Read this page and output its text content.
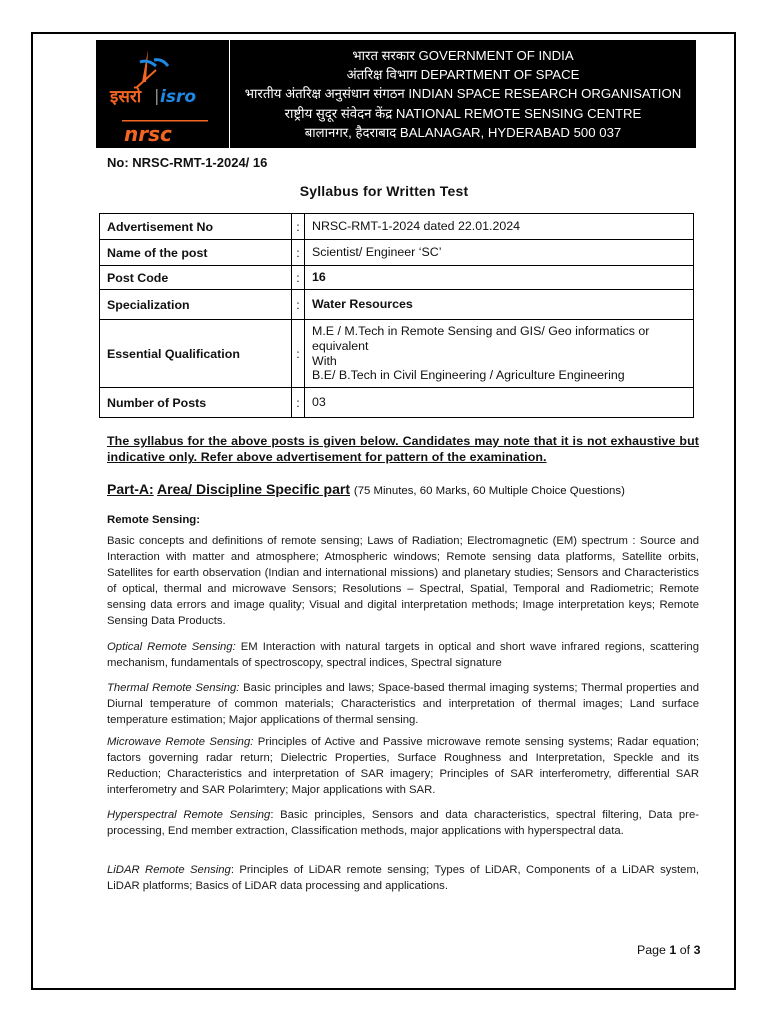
इसरो isro
nrsc
भारत सरकार GOVERNMENT OF INDIA
अंतरिक्ष विभाग DEPARTMENT OF SPACE
भारतीय अंतरिक्ष अनुसंधान संगठन INDIAN SPACE RESEARCH ORGANISATION
राष्ट्रीय सुदूर संवेदन केंद्र NATIONAL REMOTE SENSING CENTRE
बालानगर, हैदराबाद BALANAGAR, HYDERABAD 500 037
No: NRSC-RMT-1-2024/ 16
Syllabus for Written Test
Advertisement No	:	NRSC-RMT-1-2024 dated 22.01.2024
Name of the post	:	Scientist/ Engineer ‘SC’
Post Code	:	16
Specialization	:	Water Resources
Essential Qualification	:	M.E / M.Tech in Remote Sensing and GIS/ Geo informatics or equivalent
With
B.E/ B.Tech in Civil Engineering / Agriculture Engineering

Number of Posts	:	03
The syllabus for the above posts is given below. Candidates may note that it is not exhaustive but indicative only. Refer above advertisement for pattern of the examination.
Part-A: Area/ Discipline Specific part (75 Minutes, 60 Marks, 60 Multiple Choice Questions)
Remote Sensing:
Basic concepts and definitions of remote sensing; Laws of Radiation; Electromagnetic (EM) spectrum : Source and Interaction with matter and atmosphere; Atmospheric windows; Remote sensing data platforms, Satellite orbits, Satellites for earth observation (Indian and international missions) and planetary studies; Sensors and Characteristics of optical, thermal and microwave Sensors; Resolutions – Spectral, Spatial, Temporal and Radiometric; Remote sensing data errors and image quality; Visual and digital interpretation methods; Image interpretation keys; Remote Sensing Data Products.
Optical Remote Sensing: EM Interaction with natural targets in optical and short wave infrared regions, scattering mechanism, fundamentals of spectroscopy, spectral indices, Spectral signature
Thermal Remote Sensing: Basic principles and laws; Space-based thermal imaging systems; Thermal properties and Diurnal temperature of common materials; Characteristics and interpretation of thermal images; Land surface temperature estimation; Major applications of thermal sensing.
Microwave Remote Sensing: Principles of Active and Passive microwave remote sensing systems; Radar equation; factors governing radar return; Dielectric Properties, Surface Roughness and Interpretation, Speckle and its Reduction; Characteristics and interpretation of SAR imagery; Principles of SAR interferometry, differential SAR interferometry and SAR Polarimtery; Major applications with SAR.
Hyperspectral Remote Sensing: Basic principles, Sensors and data characteristics, spectral filtering, Data pre-processing, End member extraction, Classification methods, major applications with hyperspectral data.
LiDAR Remote Sensing: Principles of LiDAR remote sensing; Types of LiDAR, Components of a LiDAR system, LiDAR platforms; Basics of LiDAR data processing and applications.
Page 1 of 3
